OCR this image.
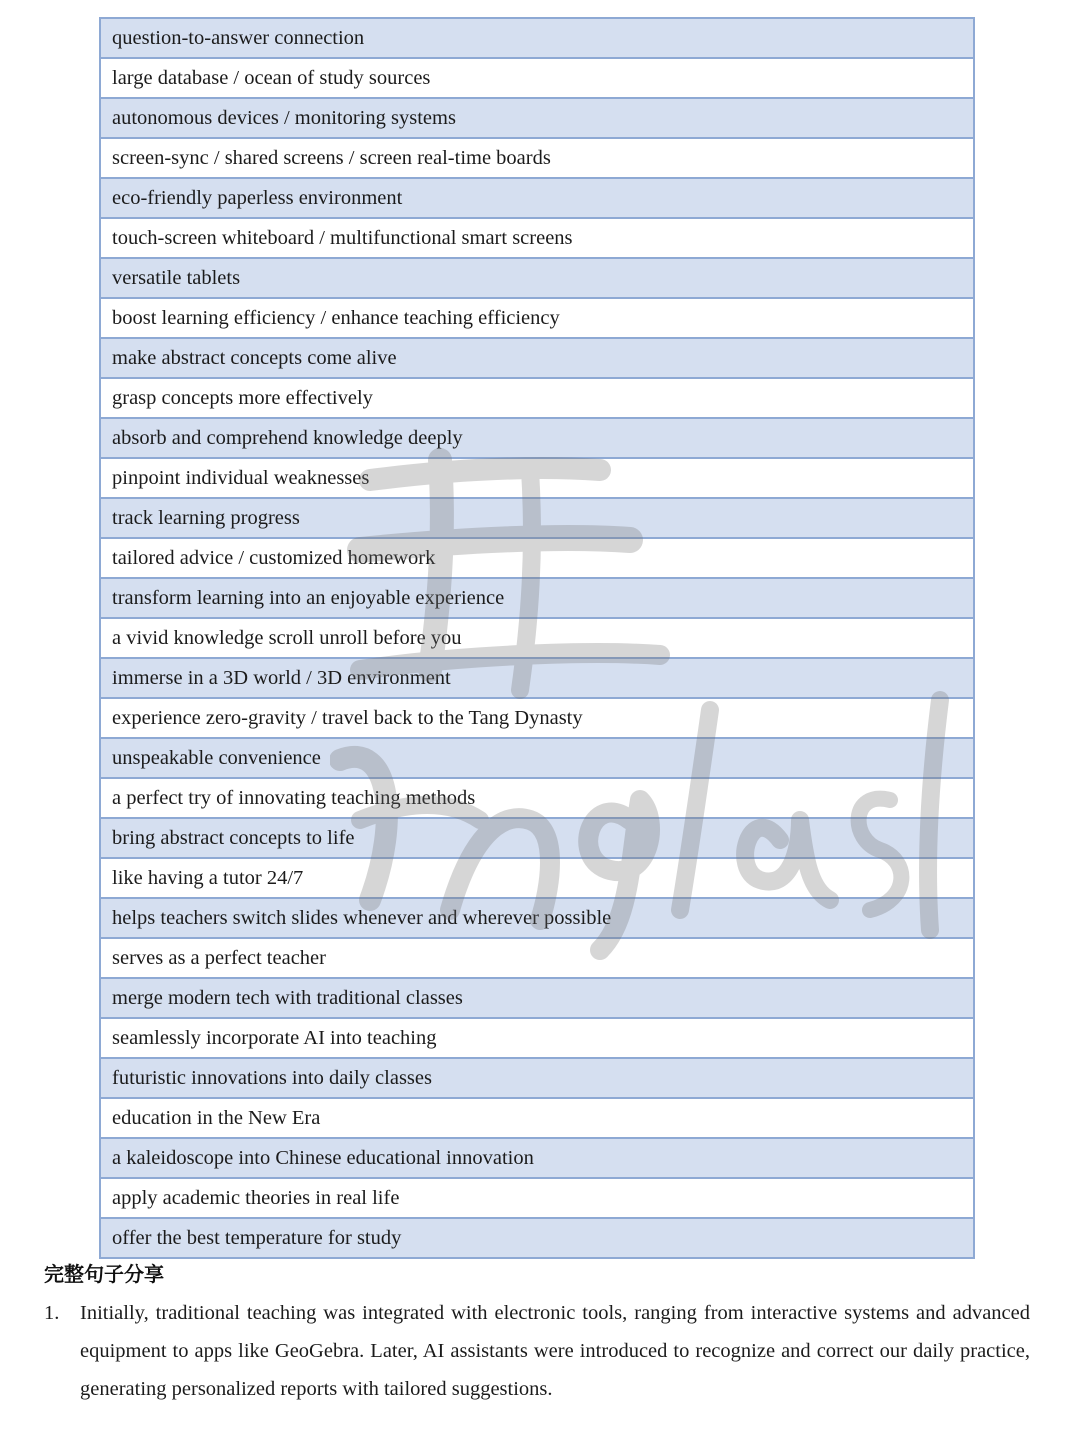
question-to-answer connection
large database / ocean of study sources
autonomous devices / monitoring systems
screen-sync / shared screens / screen real-time boards
eco-friendly paperless environment
touch-screen whiteboard / multifunctional smart screens
versatile tablets
boost learning efficiency / enhance teaching efficiency
make abstract concepts come alive
grasp concepts more effectively
absorb and comprehend knowledge deeply
pinpoint individual weaknesses
track learning progress
tailored advice / customized homework
transform learning into an enjoyable experience
a vivid knowledge scroll unroll before you
immerse in a 3D world / 3D environment
experience zero-gravity / travel back to the Tang Dynasty
unspeakable convenience
a perfect try of innovating teaching methods
bring abstract concepts to life
like having a tutor 24/7
helps teachers switch slides whenever and wherever possible
serves as a perfect teacher
merge modern tech with traditional classes
seamlessly incorporate AI into teaching
futuristic innovations into daily classes
education in the New Era
a kaleidoscope into Chinese educational innovation
apply academic theories in real life
offer the best temperature for study
完整句子分享
1.	Initially, traditional teaching was integrated with electronic tools, ranging from interactive systems and advanced equipment to apps like GeoGebra. Later, AI assistants were introduced to recognize and correct our daily practice, generating personalized reports with tailored suggestions.
